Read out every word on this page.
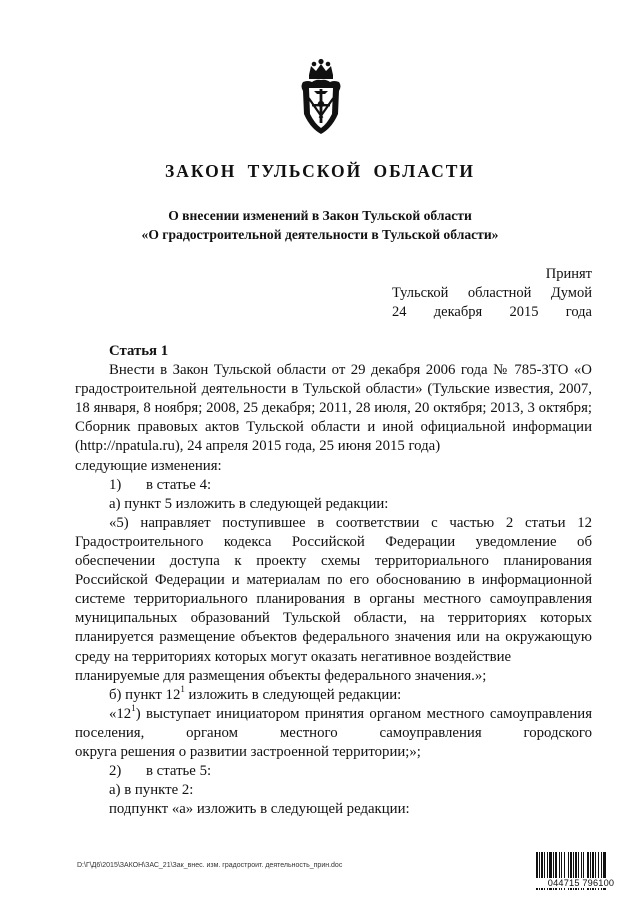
ЗАКОН ТУЛЬСКОЙ ОБЛАСТИ
О внесении изменений в Закон Тульской области
«О градостроительной деятельности в Тульской области»
Принят
Тульской областной Думой
24 декабря 2015 года

Статья 1

Внести в Закон Тульской области от 29 декабря 2006 года № 785-ЗТО «О градостроительной деятельности в Тульской области» (Тульские известия, 2007, 18 января, 8 ноября; 2008, 25 декабря; 2011, 28 июля, 20 октября; 2013, 3 октября; Сборник правовых актов Тульской области и иной официальной информации (http://npatula.ru), 24 апреля 2015 года, 25 июня 2015 года)

следующие изменения:

1) в статье 4:

а) пункт 5 изложить в следующей редакции:

«5) направляет поступившее в соответствии с частью 2 статьи 12 Градостроительного кодекса Российской Федерации уведомление об обеспечении доступа к проекту схемы территориального планирования Российской Федерации и материалам по его обоснованию в информационной системе территориального планирования в органы местного самоуправления муниципальных образований Тульской области, на территориях которых планируется размещение объектов федерального значения или на окружающую среду на территориях которых могут оказать негативное воздействие

планируемые для размещения объекты федерального значения.»;

б) пункт $12^1$ изложить в следующей редакции:

«$12^1$) выступает инициатором принятия органом местного самоуправления поселения, органом местного самоуправления городского

округа решения о развитии застроенной территории;»;

2) в статье 5:

а) в пункте 2:

подпункт «а» изложить в следующей редакции:

D:\Г\Д6\2015\ЗАКОН\ЗАС_21\Зак_внес. изм. градостроит. деятельность_прин.doc
044715 796100
